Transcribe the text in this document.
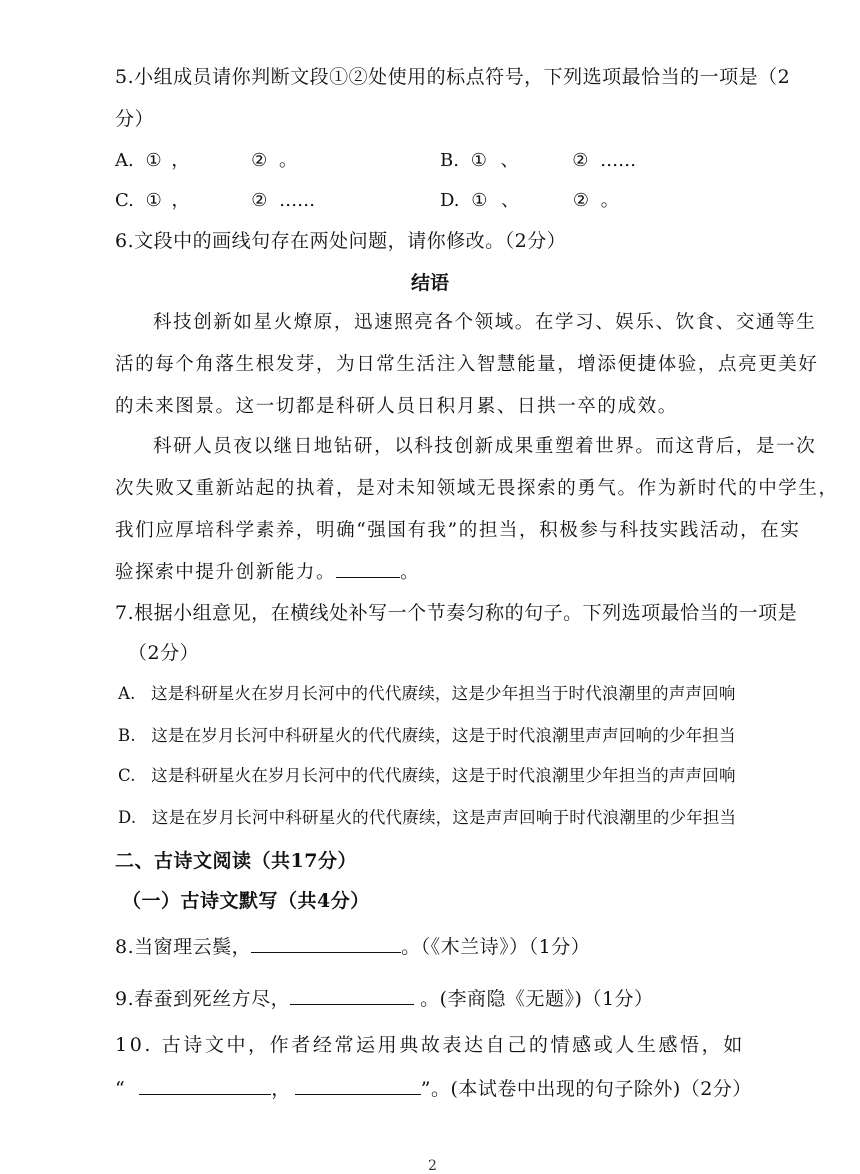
5.小组成员请你判断文段①②处使用的标点符号，下列选项最恰当的一项是（2
分）
A. ① ，	② 。	B. ① 、	② ……
C. ① ，	② ……	D. ① 、	② 。
6.文段中的画线句存在两处问题，请你修改。（2分）
结语
科技创新如星火燎原，迅速照亮各个领域。在学习、娱乐、饮食、交通等生
活的每个角落生根发芽，为日常生活注入智慧能量，增添便捷体验，点亮更美好
的未来图景。这一切都是科研人员日积月累、日拱一卒的成效。
科研人员夜以继日地钻研，以科技创新成果重塑着世界。而这背后，是一次
次失败又重新站起的执着，是对未知领域无畏探索的勇气。作为新时代的中学生，
我们应厚培科学素养，明确“强国有我”的担当，积极参与科技实践活动，在实
验探索中提升创新能力。	。
7.根据小组意见，在横线处补写一个节奏匀称的句子。下列选项最恰当的一项是
（2分）
A. 这是科研星火在岁月长河中的代代赓续，这是少年担当于时代浪潮里的声声回响
B. 这是在岁月长河中科研星火的代代赓续，这是于时代浪潮里声声回响的少年担当
C. 这是科研星火在岁月长河中的代代赓续，这是于时代浪潮里少年担当的声声回响
D. 这是在岁月长河中科研星火的代代赓续，这是声声回响于时代浪潮里的少年担当
二、古诗文阅读（共17分）
（一）古诗文默写（共4分）
8.当窗理云鬓，	。（《木兰诗》）（1分）
9.春蚕到死丝方尽，	。(李商隐《无题》)（1分）
10. 古诗文中，作者经常运用典故表达自己的情感或人生感悟，如
“	，	”。(本试卷中出现的句子除外)（2分）
2
